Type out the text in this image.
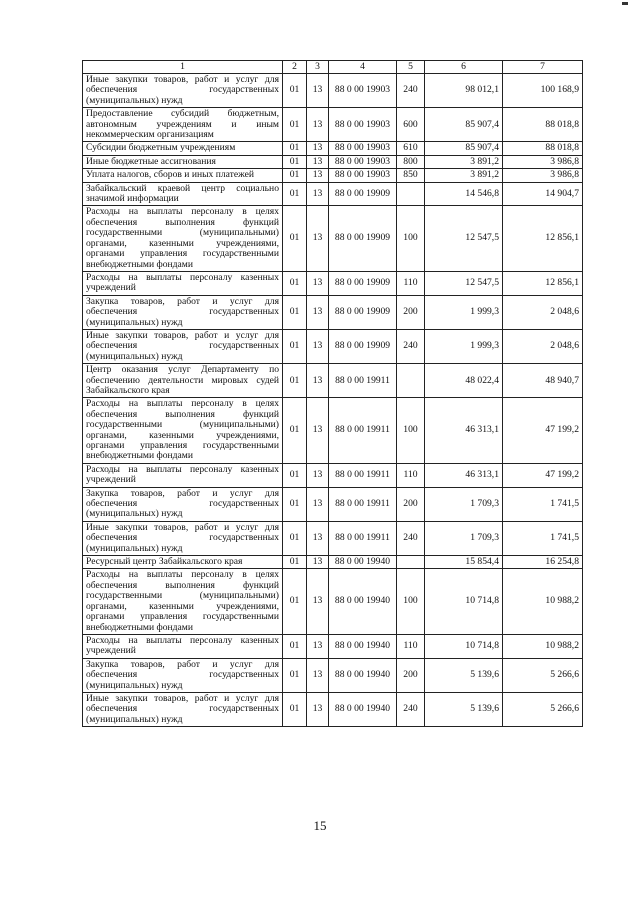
1	2	3	4	5	6	7
Иные закупки товаров, работ и услуг для обеспечения государственных (муниципальных) нужд	01	13	88 0 00 19903	240	98 012,1	100 168,9
Предоставление субсидий бюджетным, автономным учреждениям и иным некоммерческим организациям	01	13	88 0 00 19903	600	85 907,4	88 018,8
Субсидии бюджетным учреждениям	01	13	88 0 00 19903	610	85 907,4	88 018,8
Иные бюджетные ассигнования	01	13	88 0 00 19903	800	3 891,2	3 986,8
Уплата налогов, сборов и иных платежей	01	13	88 0 00 19903	850	3 891,2	3 986,8
Забайкальский краевой центр социально значимой информации	01	13	88 0 00 19909		14 546,8	14 904,7
Расходы на выплаты персоналу в целях обеспечения выполнения функций государственными (муниципальными) органами, казенными учреждениями, органами управления государственными внебюджетными фондами	01	13	88 0 00 19909	100	12 547,5	12 856,1
Расходы на выплаты персоналу казенных учреждений	01	13	88 0 00 19909	110	12 547,5	12 856,1
Закупка товаров, работ и услуг для обеспечения государственных (муниципальных) нужд	01	13	88 0 00 19909	200	1 999,3	2 048,6
Иные закупки товаров, работ и услуг для обеспечения государственных (муниципальных) нужд	01	13	88 0 00 19909	240	1 999,3	2 048,6
Центр оказания услуг Департаменту по обеспечению деятельности мировых судей Забайкальского края	01	13	88 0 00 19911		48 022,4	48 940,7
Расходы на выплаты персоналу в целях обеспечения выполнения функций государственными (муниципальными) органами, казенными учреждениями, органами управления государственными внебюджетными фондами	01	13	88 0 00 19911	100	46 313,1	47 199,2
Расходы на выплаты персоналу казенных учреждений	01	13	88 0 00 19911	110	46 313,1	47 199,2
Закупка товаров, работ и услуг для обеспечения государственных (муниципальных) нужд	01	13	88 0 00 19911	200	1 709,3	1 741,5
Иные закупки товаров, работ и услуг для обеспечения государственных (муниципальных) нужд	01	13	88 0 00 19911	240	1 709,3	1 741,5
Ресурсный центр Забайкальского края	01	13	88 0 00 19940		15 854,4	16 254,8
Расходы на выплаты персоналу в целях обеспечения выполнения функций государственными (муниципальными) органами, казенными учреждениями, органами управления государственными внебюджетными фондами	01	13	88 0 00 19940	100	10 714,8	10 988,2
Расходы на выплаты персоналу казенных учреждений	01	13	88 0 00 19940	110	10 714,8	10 988,2
Закупка товаров, работ и услуг для обеспечения государственных (муниципальных) нужд	01	13	88 0 00 19940	200	5 139,6	5 266,6
Иные закупки товаров, работ и услуг для обеспечения государственных (муниципальных) нужд	01	13	88 0 00 19940	240	5 139,6	5 266,6
15
